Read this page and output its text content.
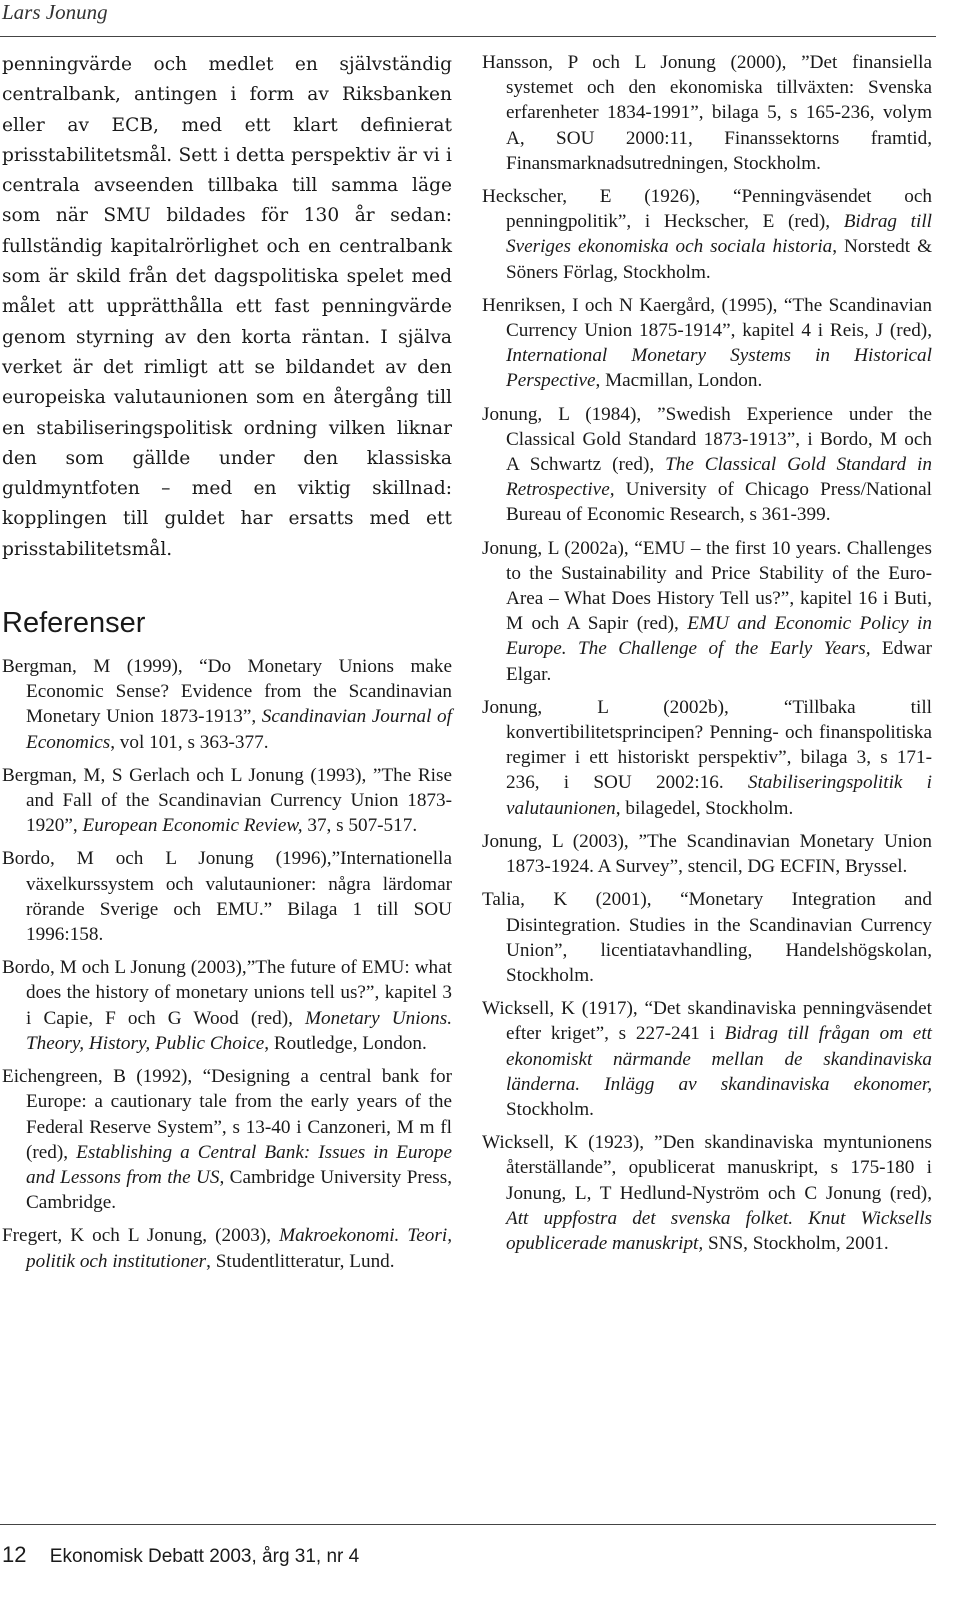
Lars Jonung

penningvärde och medlet en självständig centralbank, antingen i form av Riksbanken eller av ECB, med ett klart definierat prisstabilitetsmål. Sett i detta perspektiv är vi i centrala avseenden tillbaka till samma läge som när SMU bildades för 130 år sedan: fullständig kapitalrörlighet och en centralbank som är skild från det dagspolitiska spelet med målet att upprätthålla ett fast penningvärde genom styrning av den korta räntan. I själva verket är det rimligt att se bildandet av den europeiska valutaunionen som en återgång till en stabiliseringspolitisk ordning vilken liknar den som gällde under den klassiska guldmyntfoten – med en viktig skillnad: kopplingen till guldet har ersatts med ett prisstabilitetsmål.

Referenser

Bergman, M (1999), “Do Monetary Unions make Economic Sense? Evidence from the Scandinavian Monetary Union 1873-1913”, Scandinavian Journal of Economics, vol 101, s 363-377.

Bergman, M, S Gerlach och L Jonung (1993), ”The Rise and Fall of the Scandinavian Currency Union 1873-1920”, European Economic Review, 37, s 507-517.

Bordo, M och L Jonung (1996),”Internationella växelkurssystem och valutaunioner: några lärdomar rörande Sverige och EMU.” Bilaga 1 till SOU 1996:158.

Bordo, M och L Jonung (2003),”The future of EMU: what does the history of monetary unions tell us?”, kapitel 3 i Capie, F och G Wood (red), Monetary Unions. Theory, History, Public Choice, Routledge, London.

Eichengreen, B (1992), “Designing a central bank for Europe: a cautionary tale from the early years of the Federal Reserve System”, s 13-40 i Canzoneri, M m fl (red), Establishing a Central Bank: Issues in Europe and Lessons from the US, Cambridge University Press, Cambridge.

Fregert, K och L Jonung, (2003), Makroekonomi. Teori, politik och institutioner, Studentlitteratur, Lund.

Hansson, P och L Jonung (2000), ”Det finansiella systemet och den ekonomiska tillväxten: Svenska erfarenheter 1834-1991”, bilaga 5, s 165-236, volym A, SOU 2000:11, Finanssektorns framtid, Finansmarknadsutredningen, Stockholm.

Heckscher, E (1926), “Penningväsendet och penningpolitik”, i Heckscher, E (red), Bidrag till Sveriges ekonomiska och sociala historia, Norstedt & Söners Förlag, Stockholm.

Henriksen, I och N Kaergård, (1995), “The Scandinavian Currency Union 1875-1914”, kapitel 4 i Reis, J (red), International Monetary Systems in Historical Perspective, Macmillan, London.

Jonung, L (1984), ”Swedish Experience under the Classical Gold Standard 1873-1913”, i Bordo, M och A Schwartz (red), The Classical Gold Standard in Retrospective, University of Chicago Press/National Bureau of Economic Research, s 361-399.

Jonung, L (2002a), “EMU – the first 10 years. Challenges to the Sustainability and Price Stability of the Euro-Area – What Does History Tell us?”, kapitel 16 i Buti, M och A Sapir (red), EMU and Economic Policy in Europe. The Challenge of the Early Years, Edwar Elgar.

Jonung, L (2002b), “Tillbaka till konvertibilitetsprincipen? Penning- och finanspolitiska regimer i ett historiskt perspektiv”, bilaga 3, s 171- 236, i SOU 2002:16. Stabiliseringspolitik i valutaunionen, bilagedel, Stockholm.

Jonung, L (2003), ”The Scandinavian Monetary Union 1873-1924. A Survey”, stencil, DG ECFIN, Bryssel.

Talia, K (2001), “Monetary Integration and Disintegration. Studies in the Scandinavian Currency Union”, licentiatavhandling, Handelshögskolan, Stockholm.

Wicksell, K (1917), “Det skandinaviska penningväsendet efter kriget”, s 227-241 i Bidrag till frågan om ett ekonomiskt närmande mellan de skandinaviska länderna. Inlägg av skandinaviska ekonomer, Stockholm.

Wicksell, K (1923), ”Den skandinaviska myntunionens återställande”, opublicerat manuskript, s 175-180 i Jonung, L, T Hedlund-Nyström och C Jonung (red), Att uppfostra det svenska folket. Knut Wicksells opublicerade manuskript, SNS, Stockholm, 2001.

12 Ekonomisk Debatt 2003, årg 31, nr 4
